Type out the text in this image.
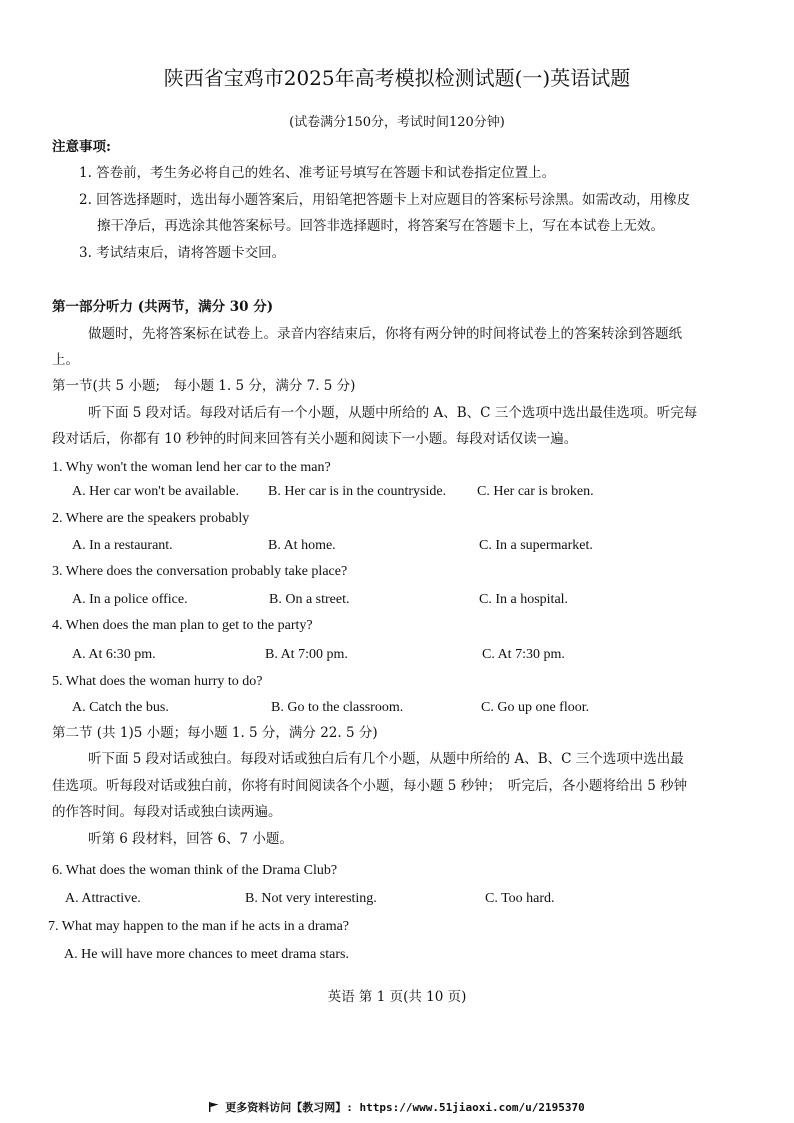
陕西省宝鸡市2025年高考模拟检测试题(一)英语试题
(试卷满分150分，考试时间120分钟)
注意事项:
1. 答卷前，考生务必将自己的姓名、准考证号填写在答题卡和试卷指定位置上。
2. 回答选择题时，选出每小题答案后，用铅笔把答题卡上对应题目的答案标号涂黑。如需改动，用橡皮
擦干净后，再选涂其他答案标号。回答非选择题时，将答案写在答题卡上，写在本试卷上无效。
3. 考试结束后，请将答题卡交回。
第一部分听力 (共两节，满分 30 分)
做题时，先将答案标在试卷上。录音内容结束后，你将有两分钟的时间将试卷上的答案转涂到答题纸
上。
第一节(共 5 小题;　每小题 1. 5 分，满分 7. 5 分)
听下面 5 段对话。每段对话后有一个小题，从题中所给的 A、B、C 三个选项中选出最佳选项。听完每
段对话后，你都有 10 秒钟的时间来回答有关小题和阅读下一小题。每段对话仅读一遍。
1. Why won't the woman lend her car to the man?
A. Her car won't be available. B. Her car is in the countryside. C. Her car is broken.
2. Where are the speakers probably
A. In a restaurant.	B. At home.	C. In a supermarket.
3. Where does the conversation probably take place?
A. In a police office.	B. On a street.	C. In a hospital.
4. When does the man plan to get to the party?
A. At 6:30 pm.	B. At 7:00 pm.	C. At 7:30 pm.
5. What does the woman hurry to do?
A. Catch the bus.	B. Go to the classroom.	C. Go up one floor.
第二节 (共 1)5 小题；每小题 1. 5 分，满分 22. 5 分)
听下面 5 段对话或独白。每段对话或独白后有几个小题，从题中所给的 A、B、C 三个选项中选出最
佳选项。听每段对话或独白前，你将有时间阅读各个小题，每小题 5 秒钟；　听完后，各小题将给出 5 秒钟
的作答时间。每段对话或独白读两遍。
听第 6 段材料，回答 6、7 小题。
6. What does the woman think of the Drama Club?
A. Attractive.	B. Not very interesting.	C. Too hard.
7. What may happen to the man if he acts in a drama?
A. He will have more chances to meet drama stars.
英语 第 1 页(共 10 页)
更多资料访问【教习网】: https://www.51jiaoxi.com/u/2195370
